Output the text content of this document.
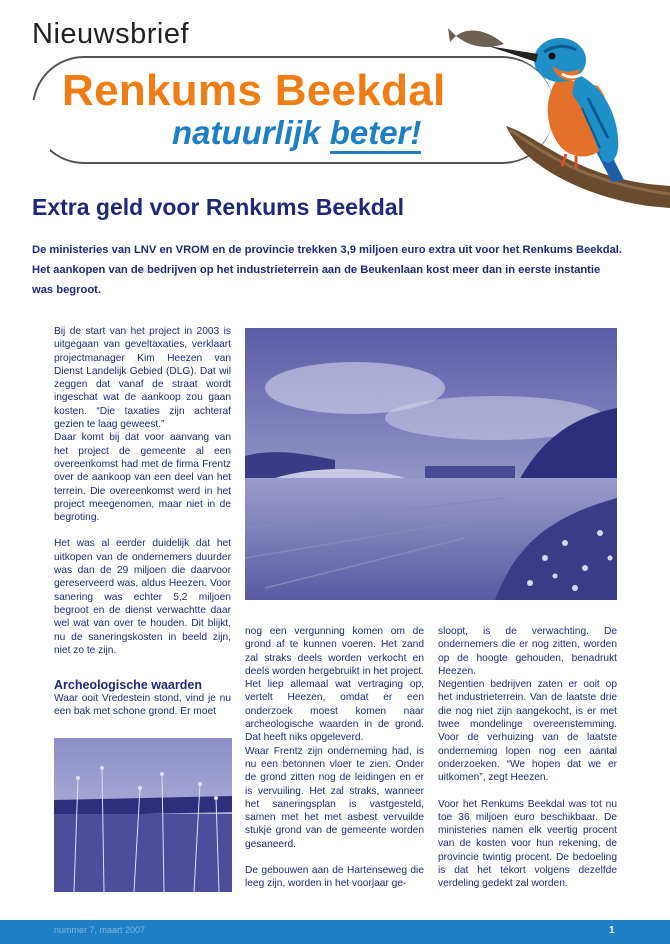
Nieuwsbrief
Renkums Beekdal
natuurlijk beter!
Extra geld voor Renkums Beekdal
De ministeries van LNV en VROM en de provincie trekken 3,9 miljoen euro extra uit voor het Renkums Beekdal. Het aankopen van de bedrijven op het industrieterrein aan de Beukenlaan kost meer dan in eerste instantie was begroot.

Bij de start van het project in 2003 is uitgegaan van geveltaxaties, verklaart projectmanager Kim Heezen van Dienst Landelijk Gebied (DLG). Dat wil zeggen dat vanaf de straat wordt ingeschat wat de aankoop zou gaan kosten. “Die taxaties zijn achteraf gezien te laag geweest.”

Daar komt bij dat voor aanvang van het project de gemeente al een overeenkomst had met de firma Frentz over de aankoop van een deel van het terrein. Die overeenkomst werd in het project meegenomen, maar niet in de begroting.

Het was al eerder duidelijk dat het uitkopen van de ondernemers duurder was dan de 29 miljoen die daarvoor gereserveerd was, aldus Heezen. Voor sanering was echter 5,2 miljoen begroot en de dienst verwachtte daar wel wat van over te houden. Dit blijkt, nu de saneringskosten in beeld zijn, niet zo te zijn.

Archeologische waarden

Waar ooit Vredestein stond, vind je nu een bak met schone grond. Er moet

nog een vergunning komen om de grond af te kunnen voeren. Het zand zal straks deels worden verkocht en deels worden hergebruikt in het project. Het liep allemaal wat vertraging op, vertelt Heezen, omdat er een onderzoek moest komen naar archeologische waarden in de grond. Dat heeft niks opgeleverd.

Waar Frentz zijn onderneming had, is nu een betonnen vloer te zien. Onder de grond zitten nog de leidingen en er is vervuiling. Het zal straks, wanneer het saneringsplan is vastgesteld, samen met het met asbest vervuilde stukje grond van de gemeente worden gesaneerd.

De gebouwen aan de Hartenseweg die leeg zijn, worden in het voorjaar ge-

sloopt, is de verwachting. De ondernemers die er nog zitten, worden op de hoogte gehouden, benadrukt Heezen.

Negentien bedrijven zaten er ooit op het industrieterrein. Van de laatste drie die nog niet zijn aangekocht, is er met twee mondelinge overeenstemming. Voor de verhuizing van de laatste onderneming lopen nog een aantal onderzoeken. “We hopen dat we er uitkomen”, zegt Heezen.

Voor het Renkums Beekdal was tot nu toe 36 miljoen euro beschikbaar. De ministeries namen elk veertig procent van de kosten voor hun rekening, de provincie twintig procent. De bedoeling is dat het tekort volgens dezelfde verdeling gedekt zal worden.

nummer 7, maart 2007	1
